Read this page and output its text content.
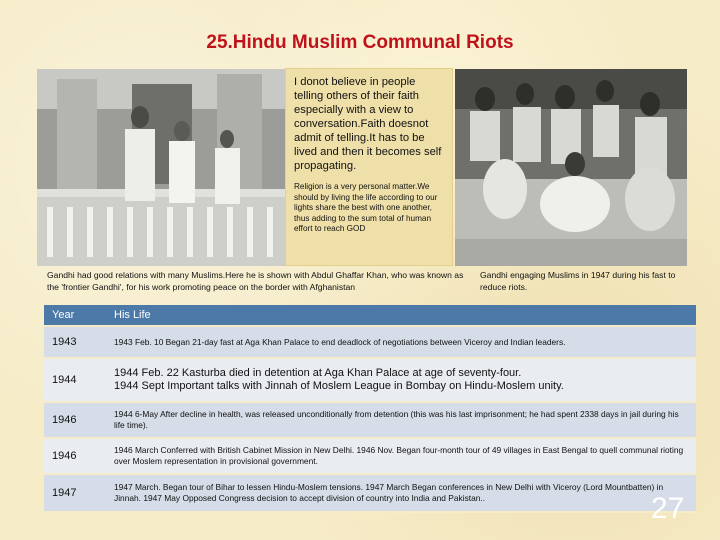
25.Hindu Muslim Communal Riots
I donot believe in people telling others of their faith especially with a view to conversation.Faith doesnot admit of telling.It has to be lived and then it becomes self propagating.
Religion is a very personal matter.We should by living the life according to our lights share the best with one another, thus adding to the sum total of human effort to reach GOD
Gandhi had good relations with many Muslims.Here he is shown with Abdul Ghaffar Khan, who was known as the 'frontier Gandhi', for his work promoting peace on the border with Afghanistan
Gandhi engaging Muslims in 1947 during his fast to reduce riots.
Year	His Life
1943	1943 Feb. 10 Began 21-day fast at Aga Khan Palace to end deadlock of negotiations between Viceroy and Indian leaders.
1944	1944 Feb. 22 Kasturba died in detention at Aga Khan Palace at age of seventy-four.
1944 Sept Important talks with Jinnah of Moslem League in Bombay on Hindu-Moslem unity.
1946	1944 6-May After decline in health, was released unconditionally from detention (this was his last imprisonment; he had spent 2338 days in jail during his life time).
1946	1946 March Conferred with British Cabinet Mission in New Delhi. 1946 Nov. Began four-month tour of 49 villages in East Bengal to quell communal rioting over Moslem representation in provisional government.
1947	1947 March. Began tour of Bihar to lessen Hindu-Moslem tensions. 1947 March Began conferences in New Delhi with Viceroy (Lord Mountbatten) in Jinnah. 1947 May Opposed Congress decision to accept division of country into India and Pakistan..	27
